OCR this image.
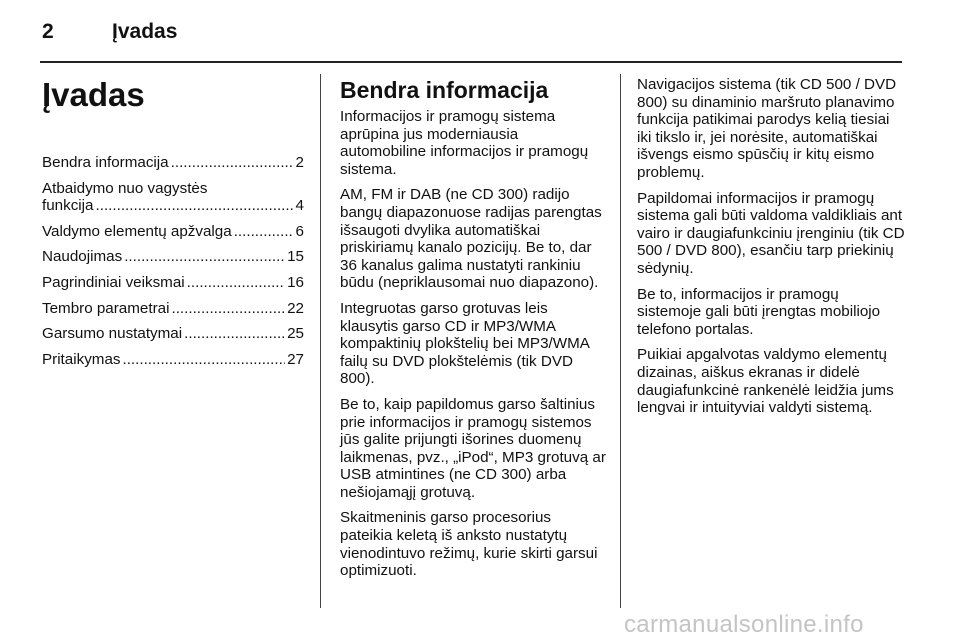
2	Įvadas
Įvadas
Bendra informacija .....	2
Atbaidymo nuo vagystės
funkcija .....	4
Valdymo elementų apžvalga .....	6
Naudojimas .....	15
Pagrindiniai veiksmai .....	16
Tembro parametrai .....	22
Garsumo nustatymai .....	25
Pritaikymas .....	27
Bendra informacija

Informacijos ir pramogų sistema aprūpina jus moderniausia automobiline informacijos ir pramogų sistema.

AM, FM ir DAB (ne CD 300) radijo bangų diapazonuose radijas parengtas išsaugoti dvylika automatiškai priskiriamų kanalo pozicijų. Be to, dar 36 kanalus galima nustatyti rankiniu būdu (nepriklausomai nuo diapazono).

Integruotas garso grotuvas leis klausytis garso CD ir MP3/WMA kompaktinių plokštelių bei MP3/WMA failų su DVD plokštelėmis (tik DVD 800).

Be to, kaip papildomus garso šaltinius prie informacijos ir pramogų sistemos jūs galite prijungti išorines duomenų laikmenas, pvz., „iPod“, MP3 grotuvą ar USB atmintines (ne CD 300) arba nešiojamąjį grotuvą.

Skaitmeninis garso procesorius pateikia keletą iš anksto nustatytų vienodintuvo režimų, kurie skirti garsui optimizuoti.

Navigacijos sistema (tik CD 500 / DVD 800) su dinaminio maršruto planavimo funkcija patikimai parodys kelią tiesiai iki tikslo ir, jei norėsite, automatiškai išvengs eismo spūsčių ir kitų eismo problemų.

Papildomai informacijos ir pramogų sistema gali būti valdoma valdikliais ant vairo ir daugiafunkciniu įrenginiu (tik CD 500 / DVD 800), esančiu tarp priekinių sėdynių.

Be to, informacijos ir pramogų sistemoje gali būti įrengtas mobiliojo telefono portalas.

Puikiai apgalvotas valdymo elementų dizainas, aiškus ekranas ir didelė daugiafunkcinė rankenėlė leidžia jums lengvai ir intuityviai valdyti sistemą.

carmanualsonline.info
